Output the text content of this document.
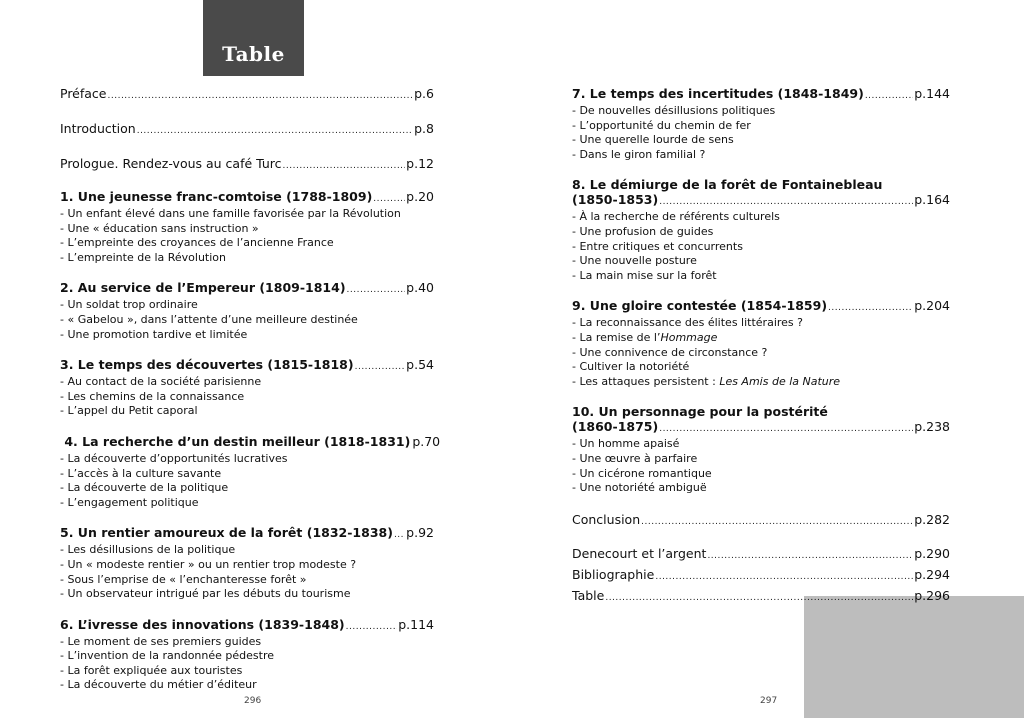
Table
296	297
Préface .....	p.6
Introduction .....	p.8
Prologue. Rendez-vous au café Turc .....	p.12
1. Une jeunesse franc-comtoise (1788-1809) .....	p.20
- Un enfant élevé dans une famille favorisée par la Révolution
- Une « éducation sans instruction »
- L’empreinte des croyances de l’ancienne France
- L’empreinte de la Révolution
2. Au service de l’Empereur (1809-1814) .....	p.40
- Un soldat trop ordinaire
- « Gabelou », dans l’attente d’une meilleure destinée
- Une promotion tardive et limitée
3. Le temps des découvertes (1815-1818) .....	p.54
- Au contact de la société parisienne
- Les chemins de la connaissance
- L’appel du Petit caporal
4. La recherche d’un destin meilleur (1818-1831) p.70
- La découverte d’opportunités lucratives
- L’accès à la culture savante
- La découverte de la politique
- L’engagement politique
5. Un rentier amoureux de la forêt (1832-1838) ..... p.92
- Les désillusions de la politique
- Un « modeste rentier » ou un rentier trop modeste ?
- Sous l’emprise de « l’enchanteresse forêt »
- Un observateur intrigué par les débuts du tourisme
6. L’ivresse des innovations (1839-1848) .....	p.114
- Le moment de ses premiers guides
- L’invention de la randonnée pédestre
- La forêt expliquée aux touristes
- La découverte du métier d’éditeur
7. Le temps des incertitudes (1848-1849) .....	p.144
- De nouvelles désillusions politiques
- L’opportunité du chemin de fer
- Une querelle lourde de sens
- Dans le giron familial ?
8. Le démiurge de la forêt de Fontainebleau
(1850-1853) .....	p.164
- À la recherche de référents culturels
- Une profusion de guides
- Entre critiques et concurrents
- Une nouvelle posture
- La main mise sur la forêt
9. Une gloire contestée (1854-1859) .....	p.204
- La reconnaissance des élites littéraires ?
- La remise de l’Hommage
- Une connivence de circonstance ?
- Cultiver la notoriété
- Les attaques persistent : Les Amis de la Nature
10. Un personnage pour la postérité
(1860-1875) .....	p.238
- Un homme apaisé
- Une œuvre à parfaire
- Un cicérone romantique
- Une notoriété ambiguë
Conclusion .....	p.282
Denecourt et l’argent .....	p.290
Bibliographie .....	p.294
Table .....	p.296
